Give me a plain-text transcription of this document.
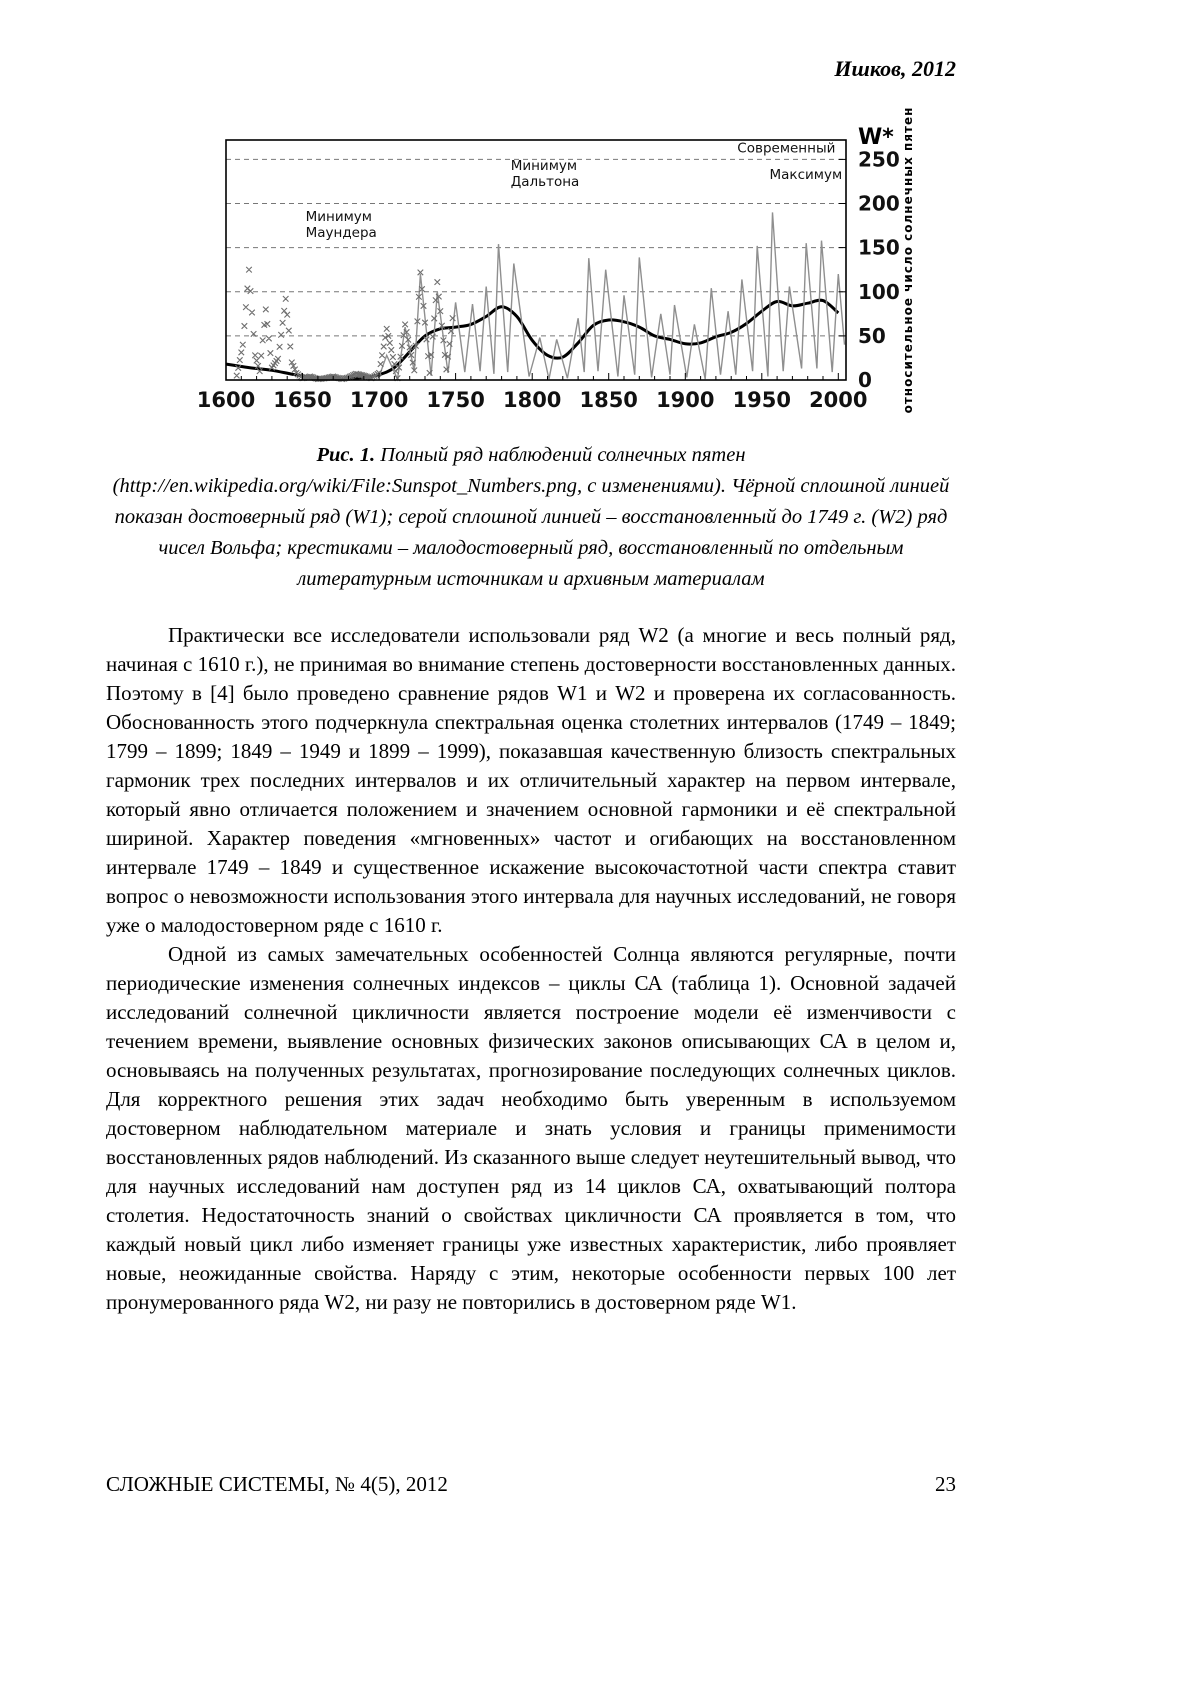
Ишков, 2012
1600 1650 1700 1750 1800 1850 1900 1950 2000
0
50
100
150
200
250
W* относительное число солнечных пятен
Минимум Маундера
Минимум Дальтона
Современный
Максимум

Рис. 1. Полный ряд наблюдений солнечных пятен (http://en.wikipedia.org/wiki/File:Sunspot_Numbers.png, с изменениями). Чёрной сплошной линией показан достоверный ряд (W1); серой сплошной линией – восстановленный до 1749 г. (W2) ряд чисел Вольфа; крестиками – малодостоверный ряд, восстановленный по отдельным литературным источникам и архивным материалам

Практически все исследователи использовали ряд W2 (а многие и весь полный ряд, начиная с 1610 г.), не принимая во внимание степень достоверности восстановленных данных. Поэтому в [4] было проведено сравнение рядов W1 и W2 и проверена их согласованность. Обоснованность этого подчеркнула спектральная оценка столетних интервалов (1749 – 1849; 1799 – 1899; 1849 – 1949 и 1899 – 1999), показавшая качественную близость спектральных гармоник трех последних интервалов и их отличительный характер на первом интервале, который явно отличается положением и значением основной гармоники и её спектральной шириной. Характер поведения «мгновенных» частот и огибающих на восстановленном интервале 1749 – 1849 и существенное искажение высокочастотной части спектра ставит вопрос о невозможности использования этого интервала для научных исследований, не говоря уже о малодостоверном ряде с 1610 г.

Одной из самых замечательных особенностей Солнца являются регулярные, почти периодические изменения солнечных индексов – циклы СА (таблица 1). Основной задачей исследований солнечной цикличности является построение модели её изменчивости с течением времени, выявление основных физических законов описывающих СА в целом и, основываясь на полученных результатах, прогнозирование последующих солнечных циклов. Для корректного решения этих задач необходимо быть уверенным в используемом достоверном наблюдательном материале и знать условия и границы применимости восстановленных рядов наблюдений. Из сказанного выше следует неутешительный вывод, что для научных исследований нам доступен ряд из 14 циклов СА, охватывающий полтора столетия. Недостаточность знаний о свойствах цикличности СА проявляется в том, что каждый новый цикл либо изменяет границы уже известных характеристик, либо проявляет новые, неожиданные свойства. Наряду с этим, некоторые особенности первых 100 лет пронумерованного ряда W2, ни разу не повторились в достоверном ряде W1.

СЛОЖНЫЕ СИСТЕМЫ, № 4(5), 2012	23
